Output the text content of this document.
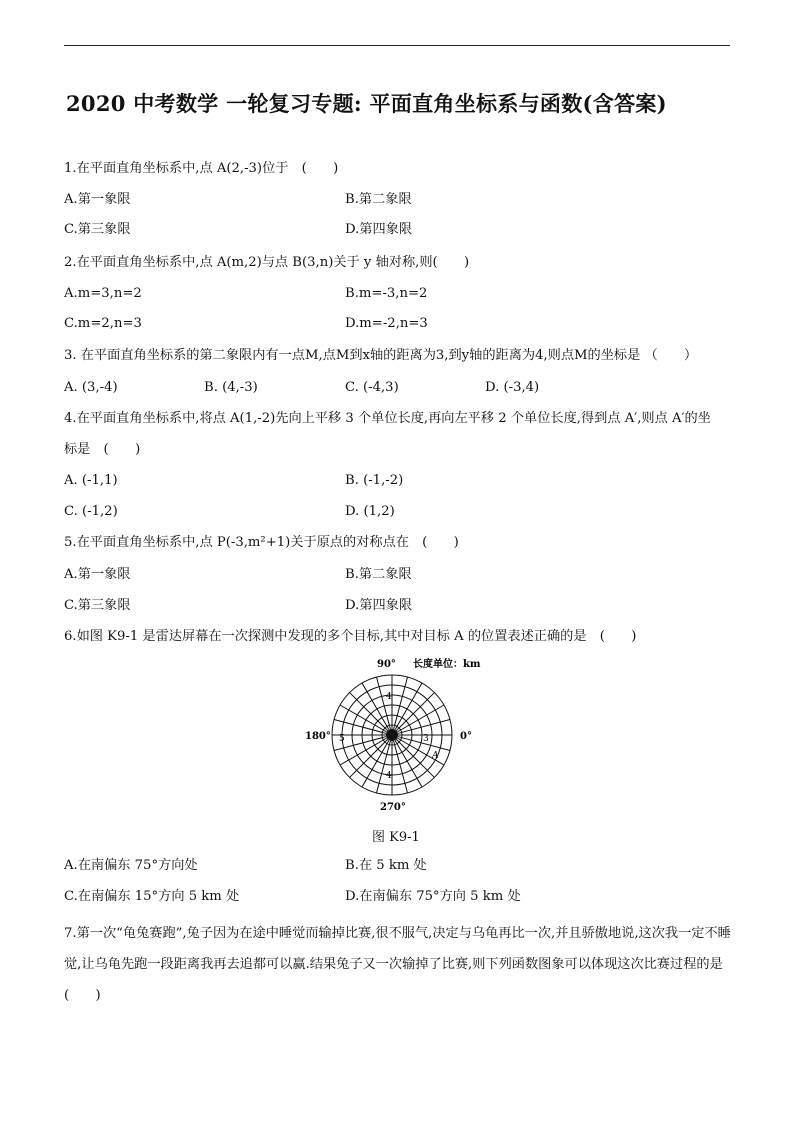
2020 中考数学 一轮复习专题: 平面直角坐标系与函数(含答案)
1.在平面直角坐标系中,点 A(2,-3)位于　(　　)
A.第一象限	B.第二象限
C.第三象限	D.第四象限
2.在平面直角坐标系中,点 A(m,2)与点 B(3,n)关于 y 轴对称,则(　　)
A.m=3,n=2	B.m=-3,n=2
C.m=2,n=3	D.m=-2,n=3
3. 在平面直角坐标系的第二象限内有一点M,点M到x轴的距离为3,到y轴的距离为4,则点M的坐标是 （　　）
A. (3,-4)	B. (4,-3)	C. (-4,3)	D. (-3,4)
4.在平面直角坐标系中,将点 A(1,-2)先向上平移 3 个单位长度,再向左平移 2 个单位长度,得到点 A′,则点 A′的坐
标是　(　　)
A. (-1,1)	B. (-1,-2)
C. (-1,2)	D. (1,2)
5.在平面直角坐标系中,点 P(-3,m²+1)关于原点的对称点在　(　　)
A.第一象限	B.第二象限
C.第三象限	D.第四象限
6.如图 K9-1 是雷达屏幕在一次探测中发现的多个目标,其中对目标 A 的位置表述正确的是　(　　)
90° 长度单位：km
180°	0°
270°
5
4
3
4
A
图 K9-1
A.在南偏东 75°方向处	B.在 5 km 处
C.在南偏东 15°方向 5 km 处	D.在南偏东 75°方向 5 km 处
7.第一次“龟兔赛跑”,兔子因为在途中睡觉而输掉比赛,很不服气,决定与乌龟再比一次,并且骄傲地说,这次我一定不睡觉,让乌龟先跑一段距离我再去追都可以赢.结果兔子又一次输掉了比赛,则下列函数图象可以体现这次比赛过程的是　(　　)
